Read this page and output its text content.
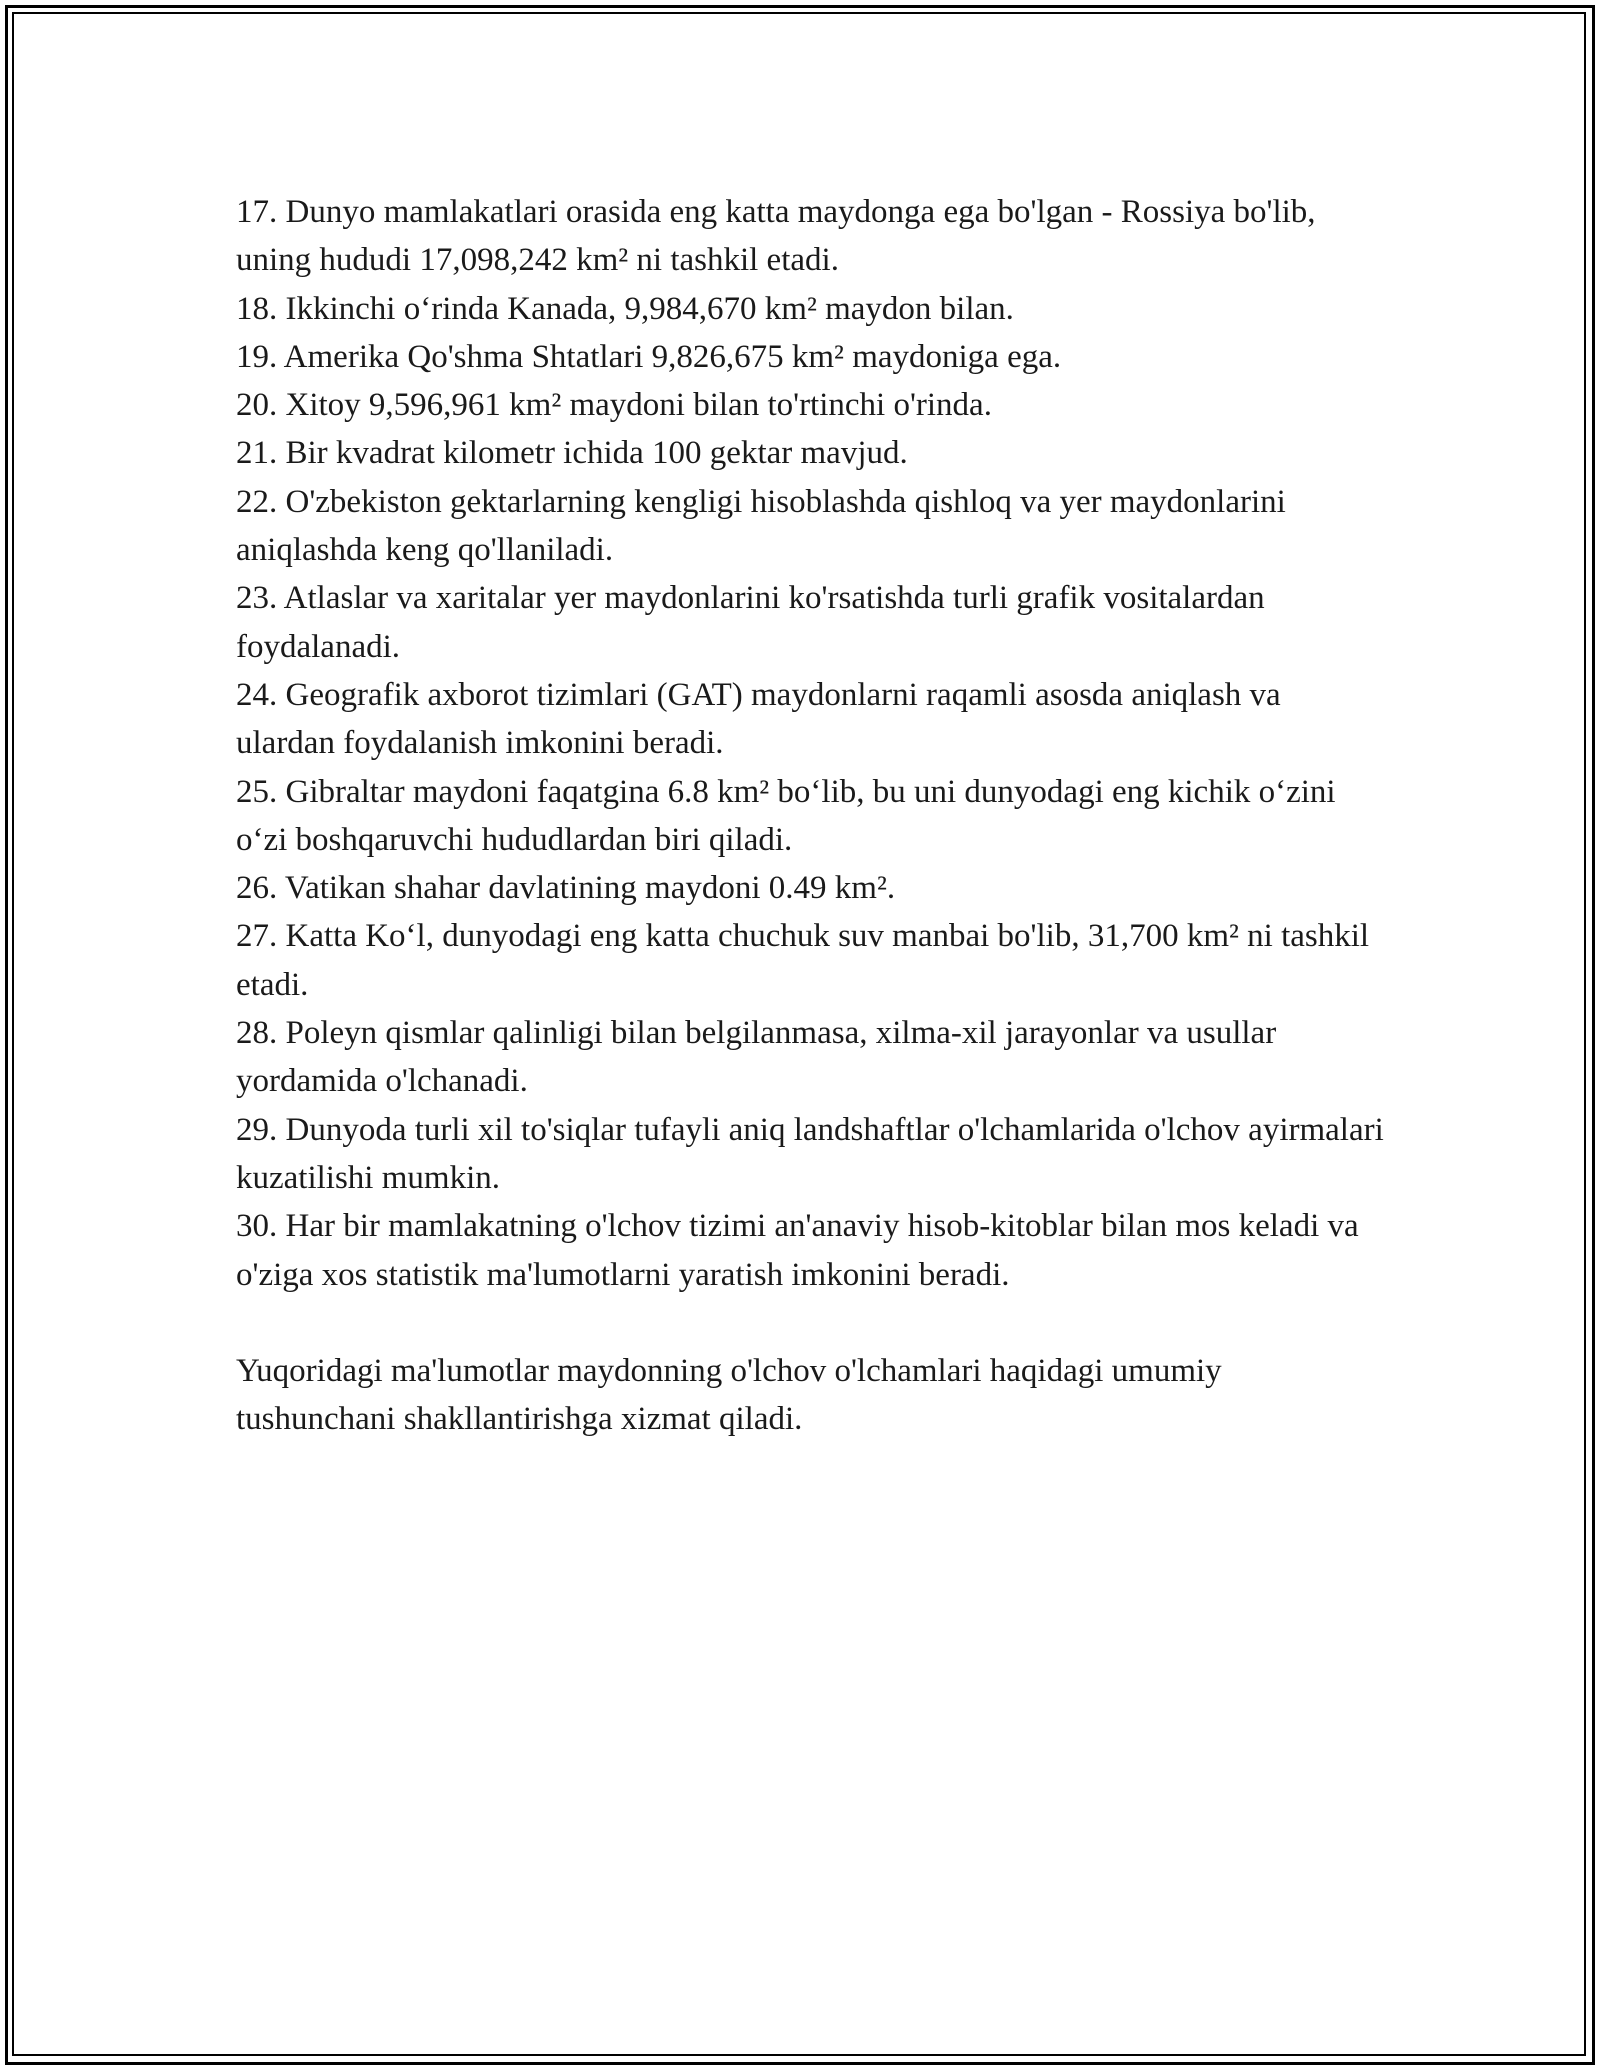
17. Dunyo mamlakatlari orasida eng katta maydonga ega bo'lgan - Rossiya bo'lib, uning hududi 17,098,242 km² ni tashkil etadi.

18. Ikkinchi o‘rinda Kanada, 9,984,670 km² maydon bilan.

19. Amerika Qo'shma Shtatlari 9,826,675 km² maydoniga ega.

20. Xitoy 9,596,961 km² maydoni bilan to'rtinchi o'rinda.

21. Bir kvadrat kilometr ichida 100 gektar mavjud.

22. O'zbekiston gektarlarning kengligi hisoblashda qishloq va yer maydonlarini aniqlashda keng qo'llaniladi.

23. Atlaslar va xaritalar yer maydonlarini ko'rsatishda turli grafik vositalardan foydalanadi.

24. Geografik axborot tizimlari (GAT) maydonlarni raqamli asosda aniqlash va ulardan foydalanish imkonini beradi.

25. Gibraltar maydoni faqatgina 6.8 km² bo‘lib, bu uni dunyodagi eng kichik o‘zini o‘zi boshqaruvchi hududlardan biri qiladi.

26. Vatikan shahar davlatining maydoni 0.49 km².

27. Katta Ko‘l, dunyodagi eng katta chuchuk suv manbai bo'lib, 31,700 km² ni tashkil etadi.

28. Poleyn qismlar qalinligi bilan belgilanmasa, xilma-xil jarayonlar va usullar yordamida o'lchanadi.

29. Dunyoda turli xil to'siqlar tufayli aniq landshaftlar o'lchamlarida o'lchov ayirmalari kuzatilishi mumkin.

30. Har bir mamlakatning o'lchov tizimi an'anaviy hisob-kitoblar bilan mos keladi va o'ziga xos statistik ma'lumotlarni yaratish imkonini beradi.

Yuqoridagi ma'lumotlar maydonning o'lchov o'lchamlari haqidagi umumiy tushunchani shakllantirishga xizmat qiladi.
